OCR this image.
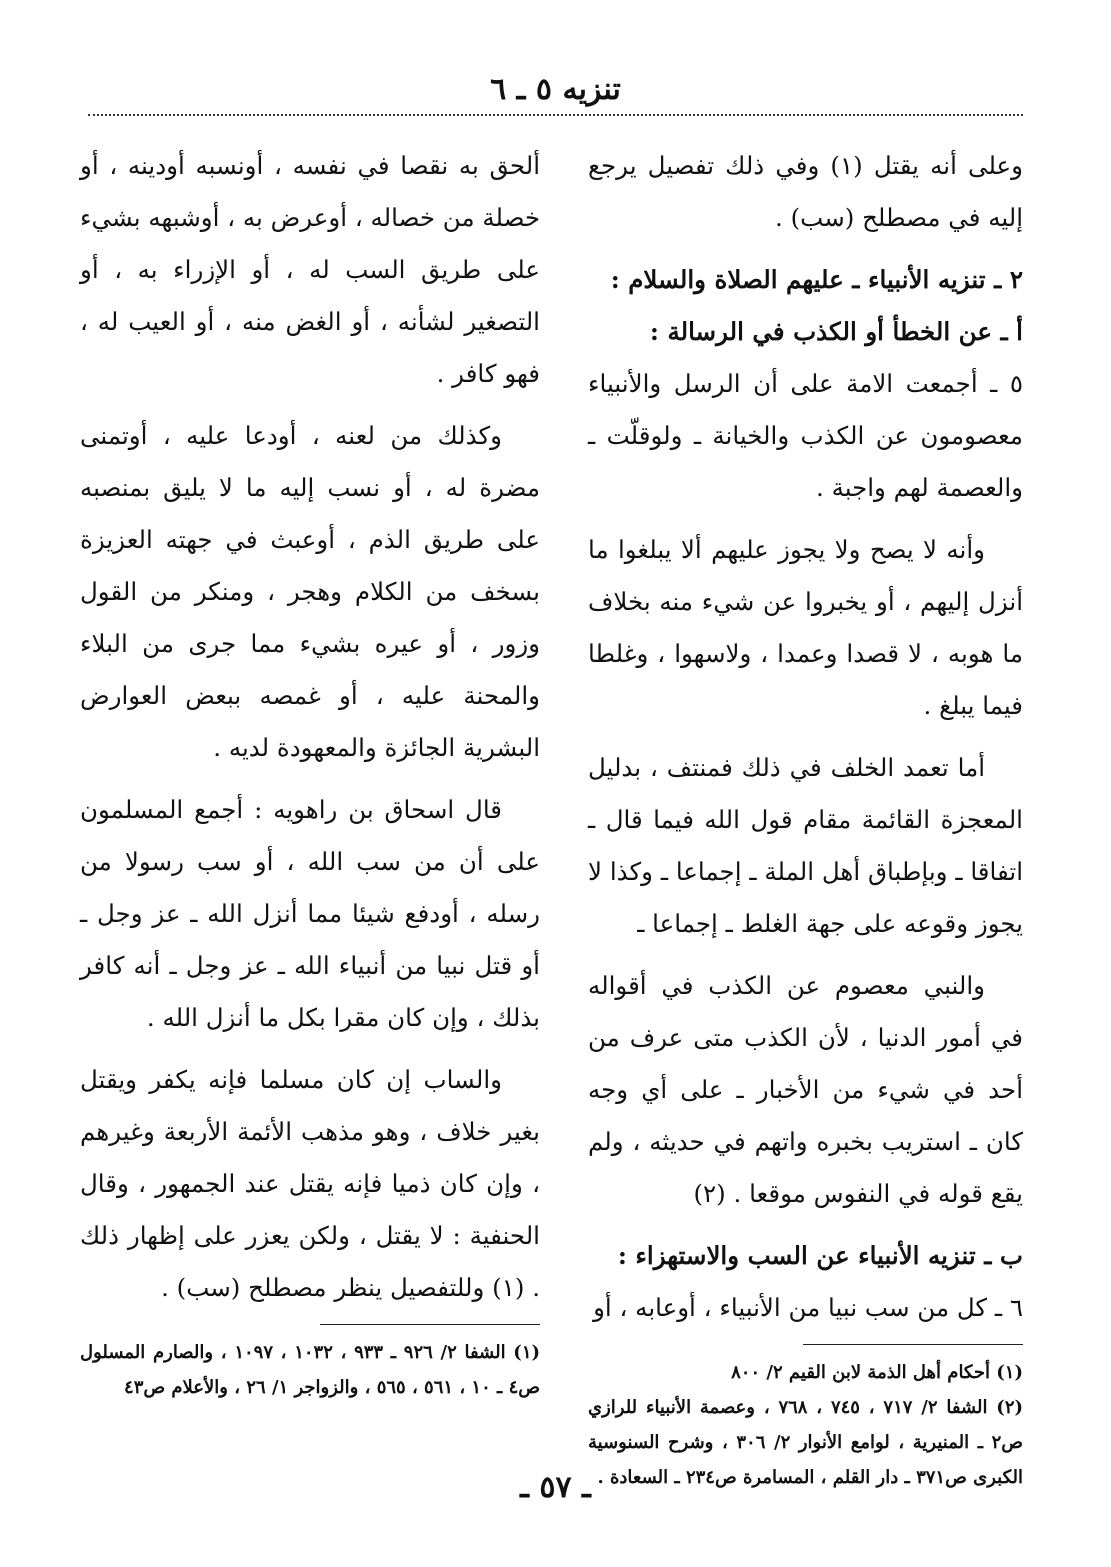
تنزيه ٥ ـ ٦

وعلى أنه يقتل (١) وفي ذلك تفصيل يرجع إليه في مصطلح (سب) .

٢ ـ تنزيه الأنبياء ـ عليهم الصلاة والسلام :

أ ـ عن الخطأ أو الكذب في الرسالة :

٥ ـ أجمعت الامة على أن الرسل والأنبياء معصومون عن الكذب والخيانة ـ ولوقلّت ـ والعصمة لهم واجبة .

وأنه لا يصح ولا يجوز عليهم ألا يبلغوا ما أنزل إليهم ، أو يخبروا عن شيء منه بخلاف ما هوبه ، لا قصدا وعمدا ، ولاسهوا ، وغلطا فيما يبلغ .

أما تعمد الخلف في ذلك فمنتف ، بدليل المعجزة القائمة مقام قول الله فيما قال ـ اتفاقا ـ وبإطباق أهل الملة ـ إجماعا ـ وكذا لا يجوز وقوعه على جهة الغلط ـ إجماعا ـ

والنبي معصوم عن الكذب في أقواله في أمور الدنيا ، لأن الكذب متى عرف من أحد في شيء من الأخبار ـ على أي وجه كان ـ استريب بخبره واتهم في حديثه ، ولم يقع قوله في النفوس موقعا . (٢)

ب ـ تنزيه الأنبياء عن السب والاستهزاء :

٦ ـ كل من سب نبيا من الأنبياء ، أوعابه ، أو

(١) أحكام أهل الذمة لابن القيم ٢/ ٨٠٠

(٢) الشفا ٢/ ٧١٧ ، ٧٤٥ ، ٧٦٨ ، وعصمة الأنبياء للرازي ص٢ ـ المنيرية ، لوامع الأنوار ٢/ ٣٠٦ ، وشرح السنوسية الكبرى ص٣٧١ ـ دار القلم ، المسامرة ص٢٣٤ ـ السعادة .

ألحق به نقصا في نفسه ، أونسبه أودينه ، أو خصلة من خصاله ، أوعرض به ، أوشبهه بشيء على طريق السب له ، أو الإزراء به ، أو التصغير لشأنه ، أو الغض منه ، أو العيب له ، فهو كافر .

وكذلك من لعنه ، أودعا عليه ، أوتمنى مضرة له ، أو نسب إليه ما لا يليق بمنصبه على طريق الذم ، أوعبث في جهته العزيزة بسخف من الكلام وهجر ، ومنكر من القول وزور ، أو عيره بشيء مما جرى من البلاء والمحنة عليه ، أو غمصه ببعض العوارض البشرية الجائزة والمعهودة لديه .

قال اسحاق بن راهويه : أجمع المسلمون على أن من سب الله ، أو سب رسولا من رسله ، أودفع شيئا مما أنزل الله ـ عز وجل ـ أو قتل نبيا من أنبياء الله ـ عز وجل ـ أنه كافر بذلك ، وإن كان مقرا بكل ما أنزل الله .

والساب إن كان مسلما فإنه يكفر ويقتل بغير خلاف ، وهو مذهب الأئمة الأربعة وغيرهم ، وإن كان ذميا فإنه يقتل عند الجمهور ، وقال الحنفية : لا يقتل ، ولكن يعزر على إظهار ذلك . (١) وللتفصيل ينظر مصطلح (سب) .

(١) الشفا ٢/ ٩٢٦ ـ ٩٣٣ ، ١٠٣٢ ، ١٠٩٧ ، والصارم المسلول ص٤ ـ ١٠ ، ٥٦١ ، ٥٦٥ ، والزواجر ١/ ٢٦ ، والأعلام ص٤٣

ـ ٥٧ ـ
